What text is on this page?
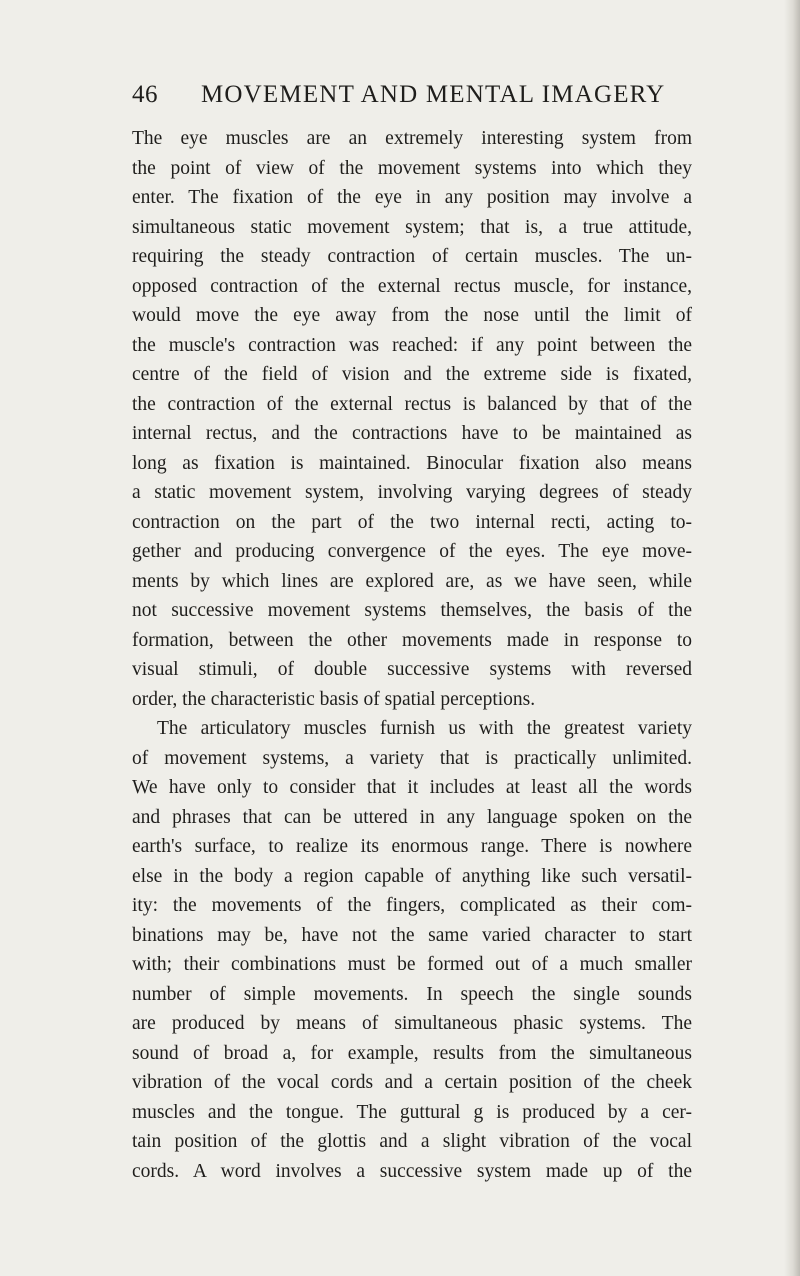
46 MOVEMENT AND MENTAL IMAGERY
The eye muscles are an extremely interesting system from
the point of view of the movement systems into which they
enter. The fixation of the eye in any position may involve a
simultaneous static movement system; that is, a true attitude,
requiring the steady contraction of certain muscles. The un-
opposed contraction of the external rectus muscle, for instance,
would move the eye away from the nose until the limit of
the muscle's contraction was reached: if any point between the
centre of the field of vision and the extreme side is fixated,
the contraction of the external rectus is balanced by that of the
internal rectus, and the contractions have to be maintained as
long as fixation is maintained. Binocular fixation also means
a static movement system, involving varying degrees of steady
contraction on the part of the two internal recti, acting to-
gether and producing convergence of the eyes. The eye move-
ments by which lines are explored are, as we have seen, while
not successive movement systems themselves, the basis of the
formation, between the other movements made in response to
visual stimuli, of double successive systems with reversed
order, the characteristic basis of spatial perceptions.
The articulatory muscles furnish us with the greatest variety
of movement systems, a variety that is practically unlimited.
We have only to consider that it includes at least all the words
and phrases that can be uttered in any language spoken on the
earth's surface, to realize its enormous range. There is nowhere
else in the body a region capable of anything like such versatil-
ity: the movements of the fingers, complicated as their com-
binations may be, have not the same varied character to start
with; their combinations must be formed out of a much smaller
number of simple movements. In speech the single sounds
are produced by means of simultaneous phasic systems. The
sound of broad a, for example, results from the simultaneous
vibration of the vocal cords and a certain position of the cheek
muscles and the tongue. The guttural g is produced by a cer-
tain position of the glottis and a slight vibration of the vocal
cords. A word involves a successive system made up of the
